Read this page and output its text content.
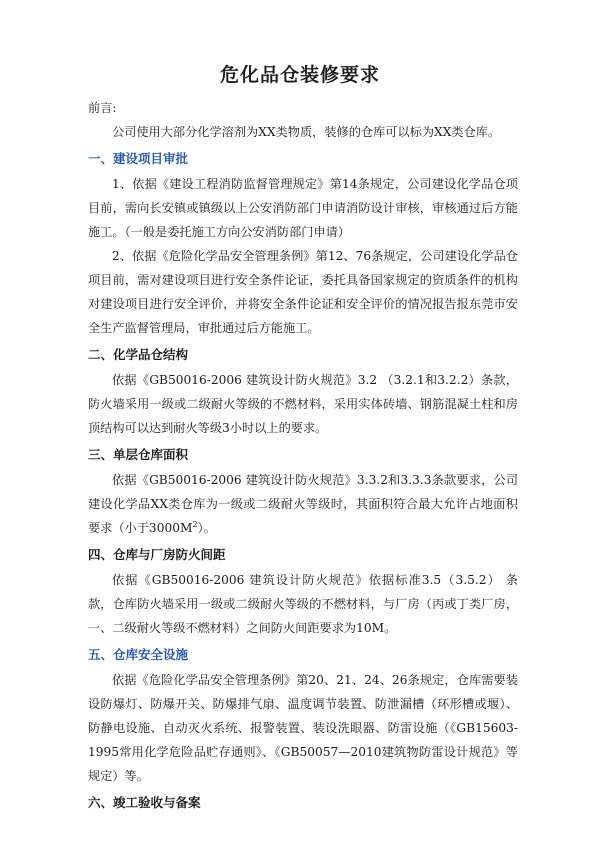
危化品仓装修要求

前言:

公司使用大部分化学溶剂为XX类物质，装修的仓库可以标为XX类仓库。

一、建设项目审批

1、依据《建设工程消防监督管理规定》第14条规定，公司建设化学品仓项目前，需向长安镇或镇级以上公安消防部门申请消防设计审核，审核通过后方能施工。（一般是委托施工方向公安消防部门申请）

2、依据《危险化学品安全管理条例》第12、76条规定，公司建设化学品仓项目前，需对建设项目进行安全条件论证，委托具备国家规定的资质条件的机构对建设项目进行安全评价，并将安全条件论证和安全评价的情况报告报东莞市安全生产监督管理局，审批通过后方能施工。

二、化学品仓结构

依据《GB50016-2006 建筑设计防火规范》3.2 （3.2.1和3.2.2）条款，防火墙采用一级或二级耐火等级的不燃材料，采用实体砖墙、钢筋混凝土柱和房顶结构可以达到耐火等级3小时以上的要求。

三、单层仓库面积

依据《GB50016-2006 建筑设计防火规范》3.3.2和3.3.3条款要求，公司建设化学品XX类仓库为一级或二级耐火等级时，其面积符合最大允许占地面积要求（小于$3000M^2$）。

四、仓库与厂房防火间距

依据《GB50016-2006 建筑设计防火规范》依据标准3.5（3.5.2） 条款，仓库防火墙采用一级或二级耐火等级的不燃材料，与厂房（丙或丁类厂房，一、二级耐火等级不燃材料）之间防火间距要求为10M。

五、仓库安全设施

依据《危险化学品安全管理条例》第20、21、24、26条规定，仓库需要装设防爆灯、防爆开关、防爆排气扇、温度调节装置、防泄漏槽（环形槽或堰）、防静电设施、自动灭火系统、报警装置、装设洗眼器、防雷设施（《GB15603-1995常用化学危险品贮存通则》、《GB50057—2010建筑物防雷设计规范》等规定）等。

六、竣工验收与备案
